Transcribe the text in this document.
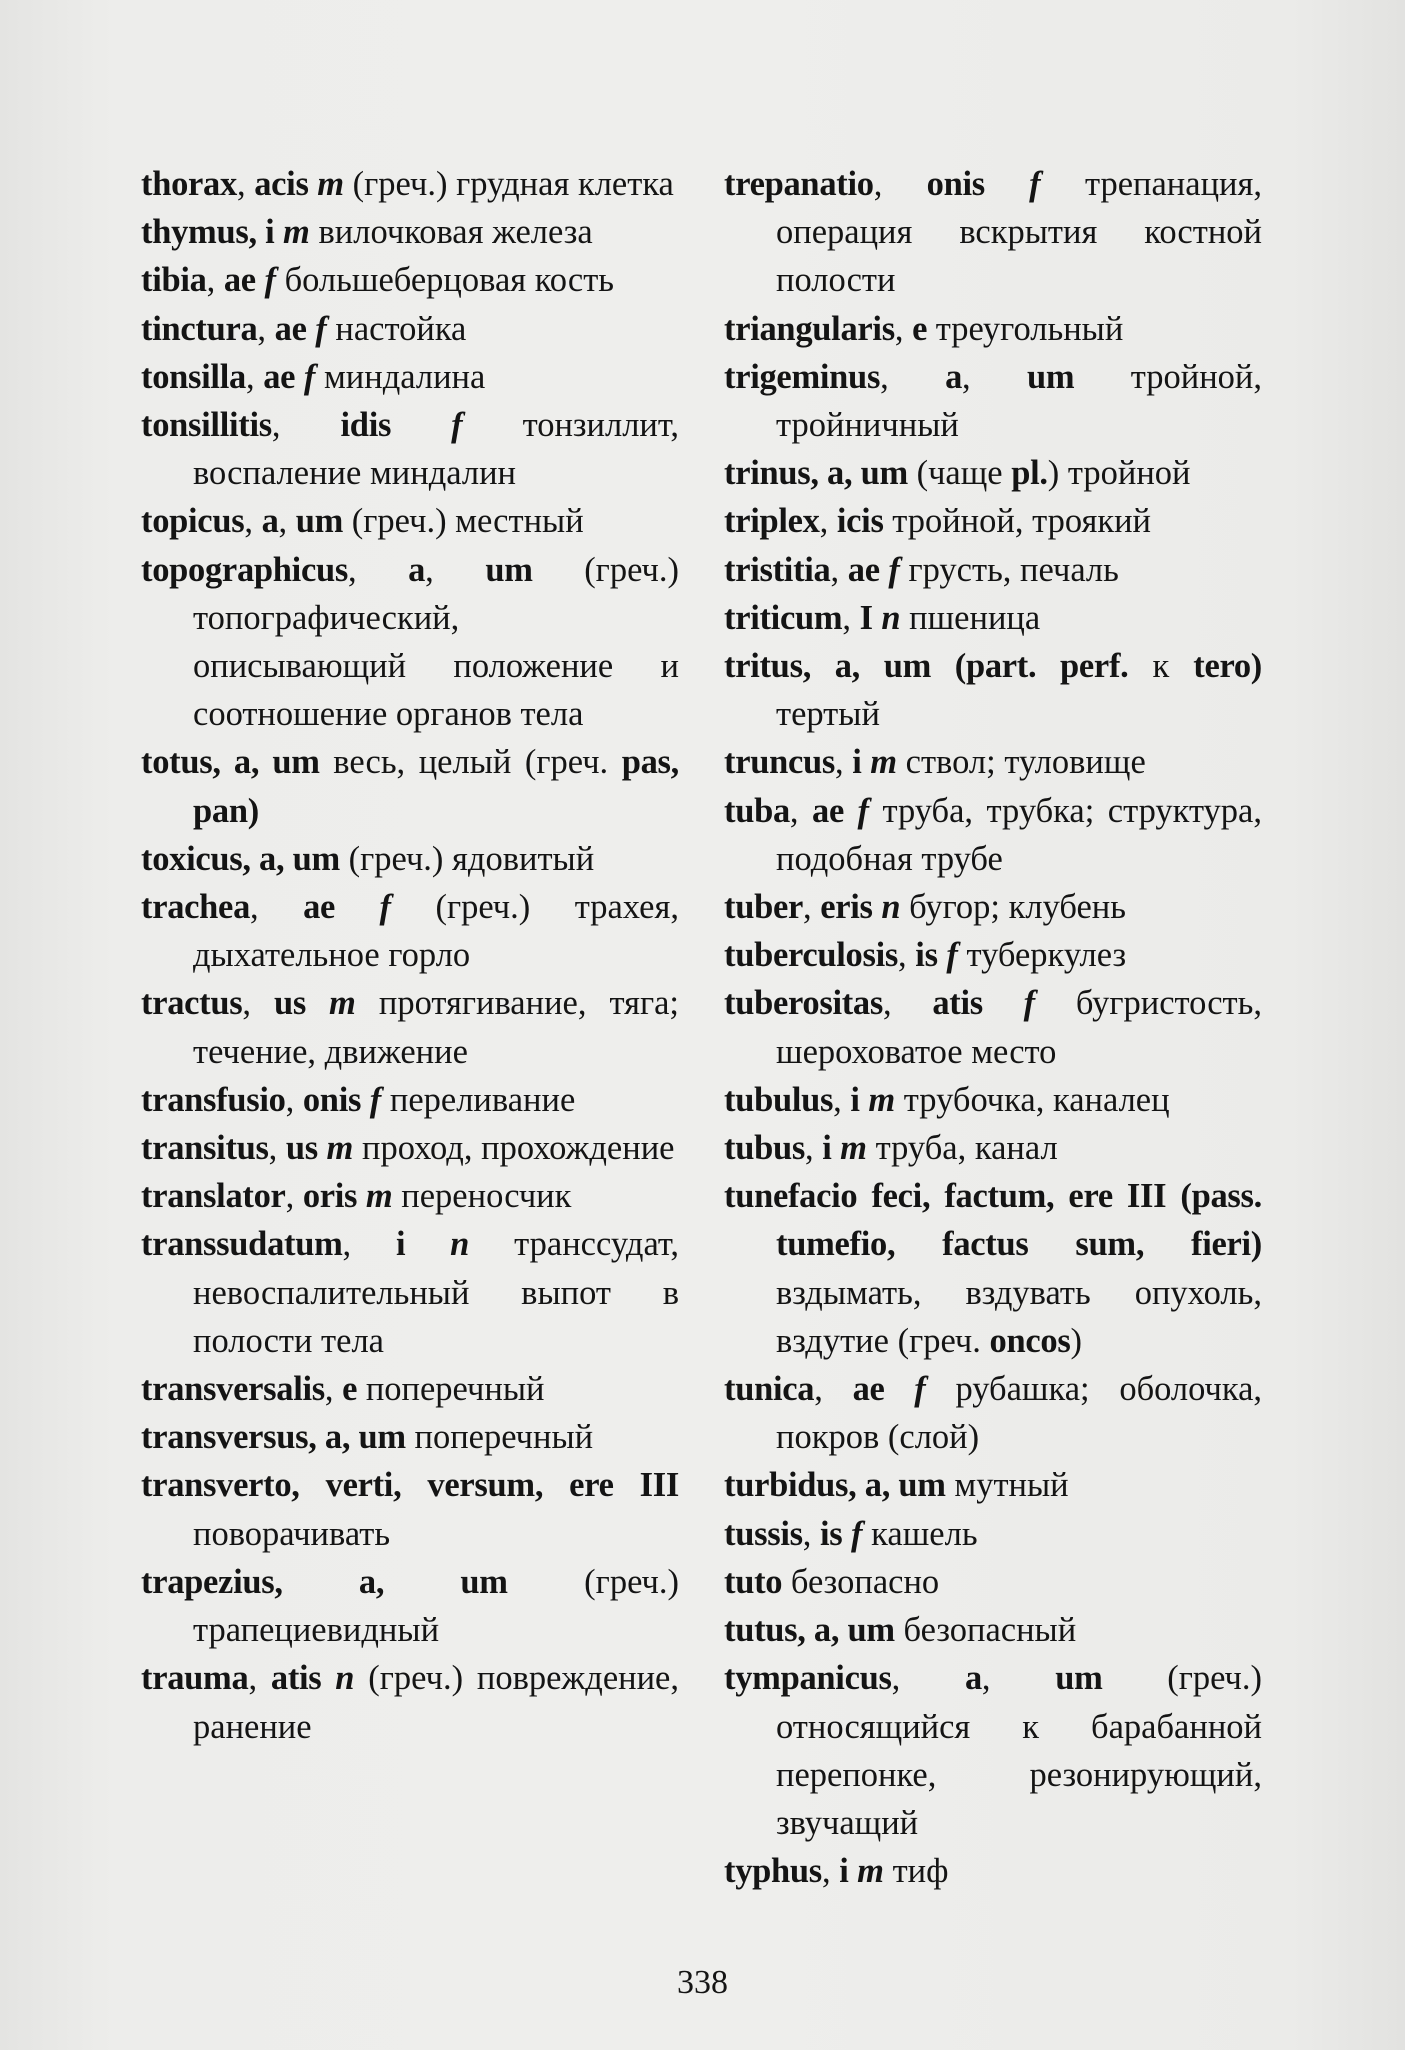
thorax, acis m (греч.) грудная клетка

thymus, i m вилочковая железа

tibia, ae f большеберцовая кость

tinctura, ae f настойка

tonsilla, ae f миндалина

tonsillitis, idis f тонзиллит, воспаление миндалин

topicus, a, um (греч.) местный

topographicus, a, um (греч.) топографический, описывающий положение и соотношение органов тела

totus, a, um весь, целый (греч. pas, pan)

toxicus, a, um (греч.) ядовитый

trachea, ae f (греч.) трахея, дыхательное горло

tractus, us m протягивание, тяга; течение, движение

transfusio, onis f переливание

transitus, us m проход, прохождение

translator, oris m переносчик

transsudatum, i n транссудат, невоспалительный выпот в полости тела

transversalis, e поперечный

transversus, a, um поперечный

transverto, verti, versum, ere III поворачивать

trapezius, a, um (греч.) трапециевидный

trauma, atis n (греч.) повреждение, ранение

trepanatio, onis f трепанация, операция вскрытия костной полости

triangularis, e треугольный

trigeminus, a, um тройной, тройничный

trinus, a, um (чаще pl.) тройной

triplex, icis тройной, троякий

tristitia, ae f грусть, печаль

triticum, I n пшеница

tritus, a, um (part. perf. к tero) тертый

truncus, i m ствол; туловище

tuba, ae f труба, трубка; структура, подобная трубе

tuber, eris n бугор; клубень

tuberculosis, is f туберкулез

tuberositas, atis f бугристость, шероховатое место

tubulus, i m трубочка, каналец

tubus, i m труба, канал

tunefacio feci, factum, ere III (pass. tumefio, factus sum, fieri) вздымать, вздувать опухоль, вздутие (греч. oncos)

tunica, ae f рубашка; оболочка, покров (слой)

turbidus, a, um мутный

tussis, is f кашель

tuto безопасно

tutus, a, um безопасный

tympanicus, a, um (греч.) относящийся к барабанной перепонке, резонирующий, звучащий

typhus, i m тиф

338
